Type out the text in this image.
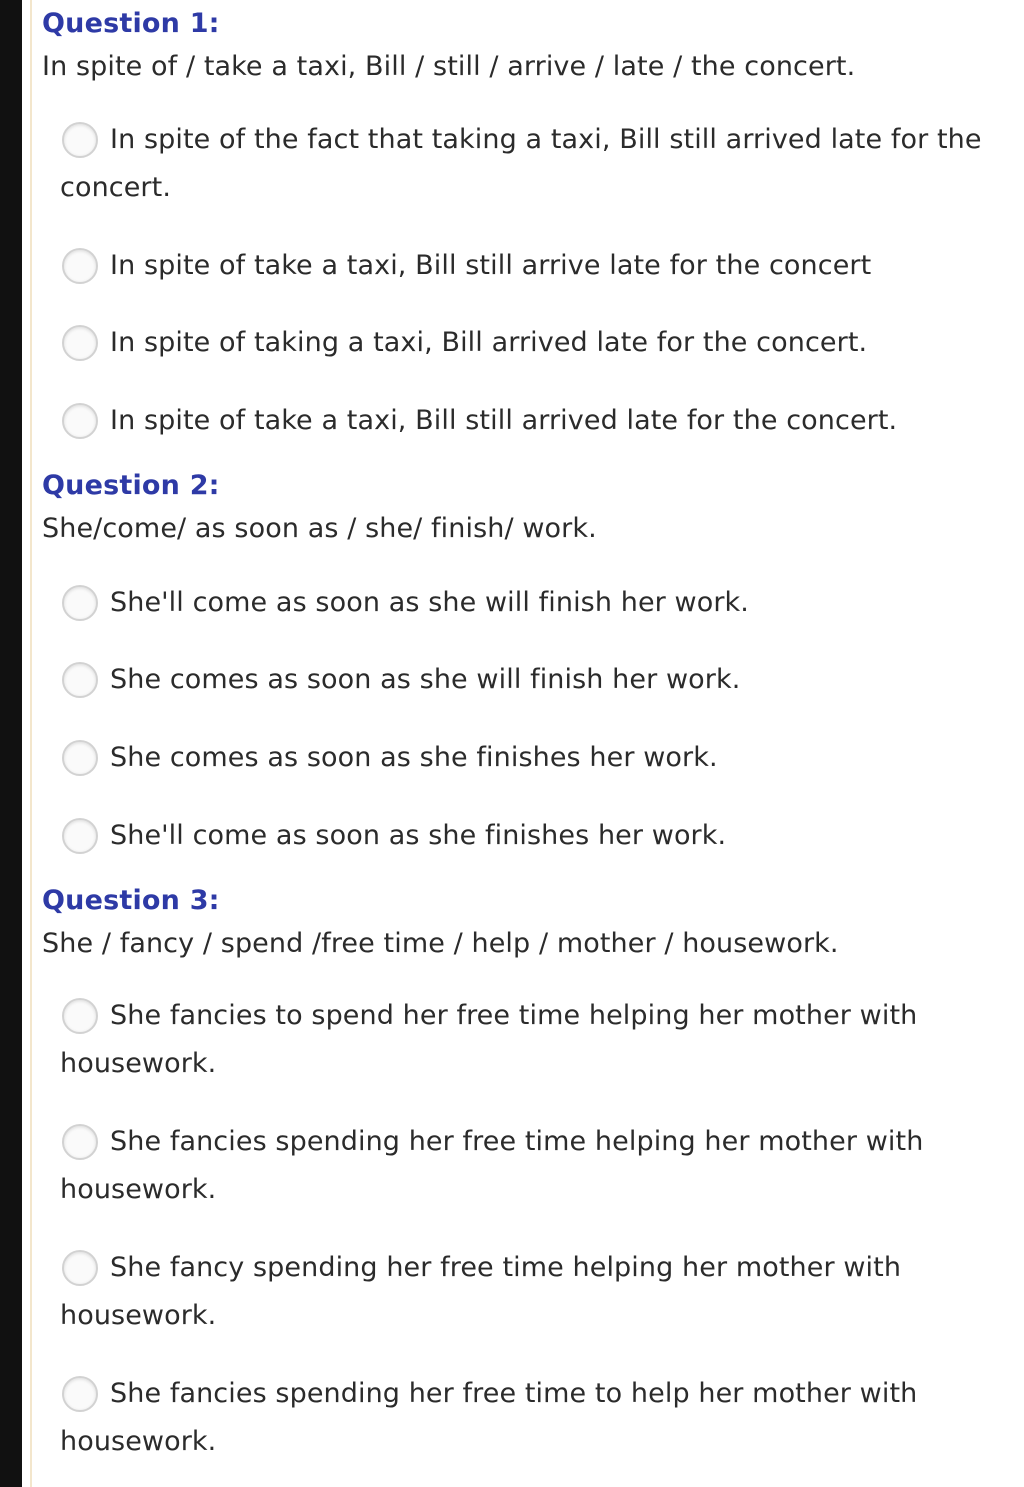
Question 1:
In spite of / take a taxi, Bill / still / arrive / late / the concert.
In spite of the fact that taking a taxi, Bill still arrived late for the concert.
In spite of take a taxi, Bill still arrive late for the concert
In spite of taking a taxi, Bill arrived late for the concert.
In spite of take a taxi, Bill still arrived late for the concert.
Question 2:
She/come/ as soon as / she/ finish/ work.
She'll come as soon as she will finish her work.
She comes as soon as she will finish her work.
She comes as soon as she finishes her work.
She'll come as soon as she finishes her work.
Question 3:
She / fancy / spend /free time / help / mother / housework.
She fancies to spend her free time helping her mother with housework.
She fancies spending her free time helping her mother with housework.
She fancy spending her free time helping her mother with housework.
She fancies spending her free time to help her mother with housework.
